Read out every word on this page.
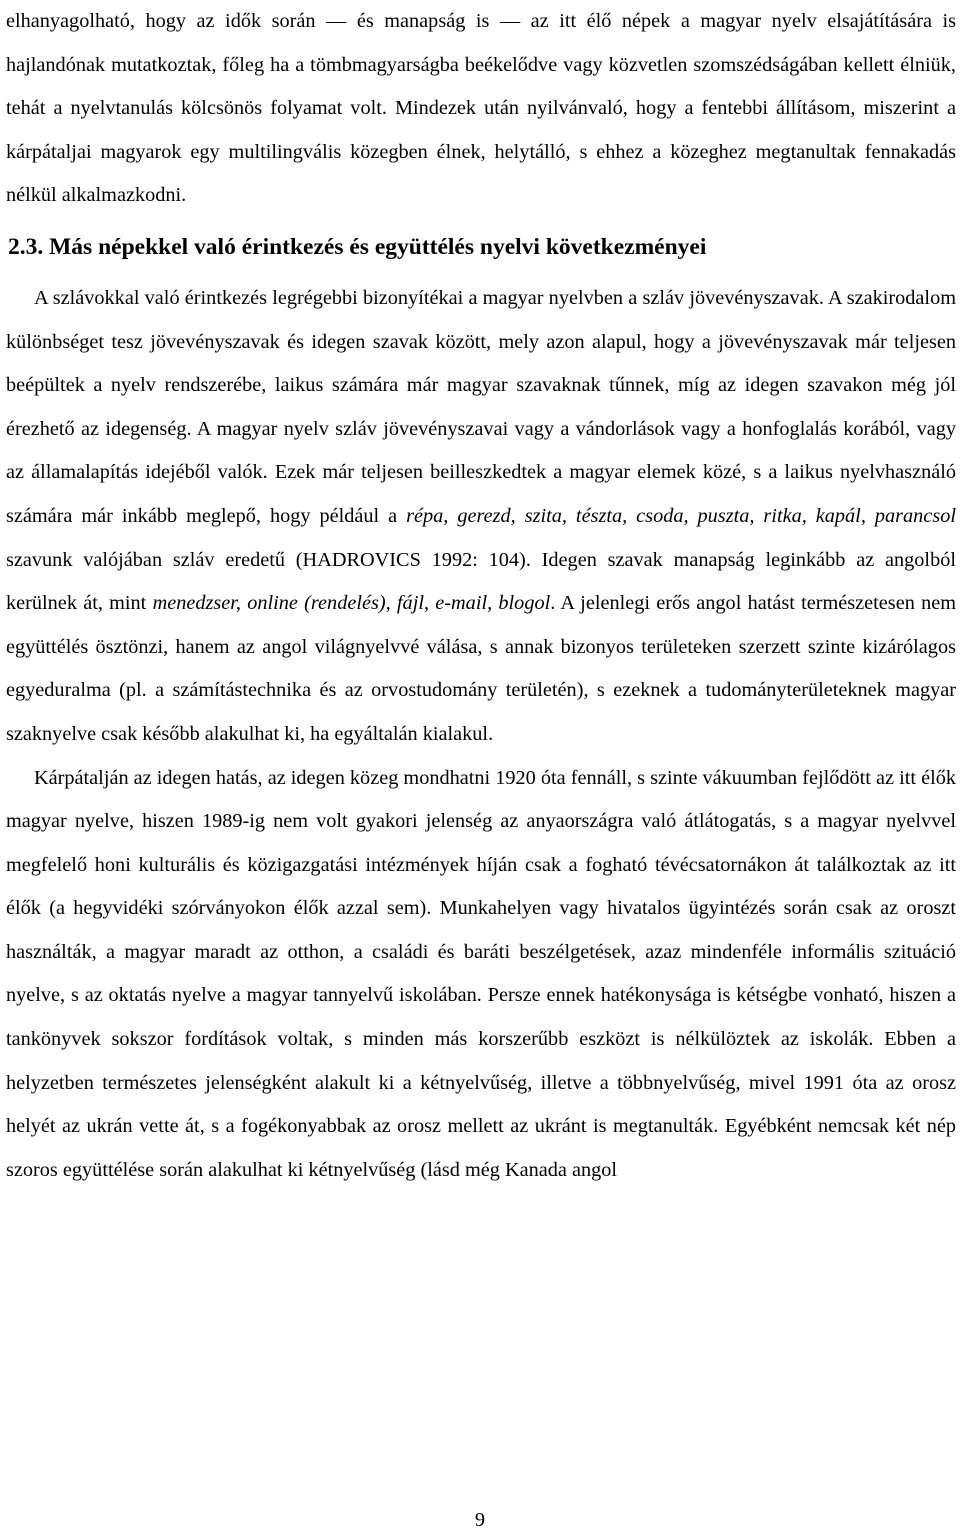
elhanyagolható, hogy az idők során ― és manapság is ― az itt élő népek a magyar nyelv elsajátítására is hajlandónak mutatkoztak, főleg ha a tömbmagyarságba beékelődve vagy közvetlen szomszédságában kellett élniük, tehát a nyelvtanulás kölcsönös folyamat volt. Mindezek után nyilvánvaló, hogy a fentebbi állításom, miszerint a kárpátaljai magyarok egy multilingvális közegben élnek, helytálló, s ehhez a közeghez megtanultak fennakadás nélkül alkalmazkodni.

2.3. Más népekkel való érintkezés és együttélés nyelvi következményei

A szlávokkal való érintkezés legrégebbi bizonyítékai a magyar nyelvben a szláv jövevényszavak. A szakirodalom különbséget tesz jövevényszavak és idegen szavak között, mely azon alapul, hogy a jövevényszavak már teljesen beépültek a nyelv rendszerébe, laikus számára már magyar szavaknak tűnnek, míg az idegen szavakon még jól érezhető az idegenség. A magyar nyelv szláv jövevényszavai vagy a vándorlások vagy a honfoglalás korából, vagy az államalapítás idejéből valók. Ezek már teljesen beilleszkedtek a magyar elemek közé, s a laikus nyelvhasználó számára már inkább meglepő, hogy például a répa, gerezd, szita, tészta, csoda, puszta, ritka, kapál, parancsol szavunk valójában szláv eredetű (HADROVICS 1992: 104). Idegen szavak manapság leginkább az angolból kerülnek át, mint menedzser, online (rendelés), fájl, e-mail, blogol. A jelenlegi erős angol hatást természetesen nem együttélés ösztönzi, hanem az angol világnyelvvé válása, s annak bizonyos területeken szerzett szinte kizárólagos egyeduralma (pl. a számítástechnika és az orvostudomány területén), s ezeknek a tudományterületeknek magyar szaknyelve csak később alakulhat ki, ha egyáltalán kialakul.

Kárpátalján az idegen hatás, az idegen közeg mondhatni 1920 óta fennáll, s szinte vákuumban fejlődött az itt élők magyar nyelve, hiszen 1989-ig nem volt gyakori jelenség az anyaországra való átlátogatás, s a magyar nyelvvel megfelelő honi kulturális és közigazgatási intézmények híján csak a fogható tévécsatornákon át találkoztak az itt élők (a hegyvidéki szórványokon élők azzal sem). Munkahelyen vagy hivatalos ügyintézés során csak az oroszt használták, a magyar maradt az otthon, a családi és baráti beszélgetések, azaz mindenféle informális szituáció nyelve, s az oktatás nyelve a magyar tannyelvű iskolában. Persze ennek hatékonysága is kétségbe vonható, hiszen a tankönyvek sokszor fordítások voltak, s minden más korszerűbb eszközt is nélkülöztek az iskolák. Ebben a helyzetben természetes jelenségként alakult ki a kétnyelvűség, illetve a többnyelvűség, mivel 1991 óta az orosz helyét az ukrán vette át, s a fogékonyabbak az orosz mellett az ukránt is megtanulták. Egyébként nemcsak két nép szoros együttélése során alakulhat ki kétnyelvűség (lásd még Kanada angol

9
